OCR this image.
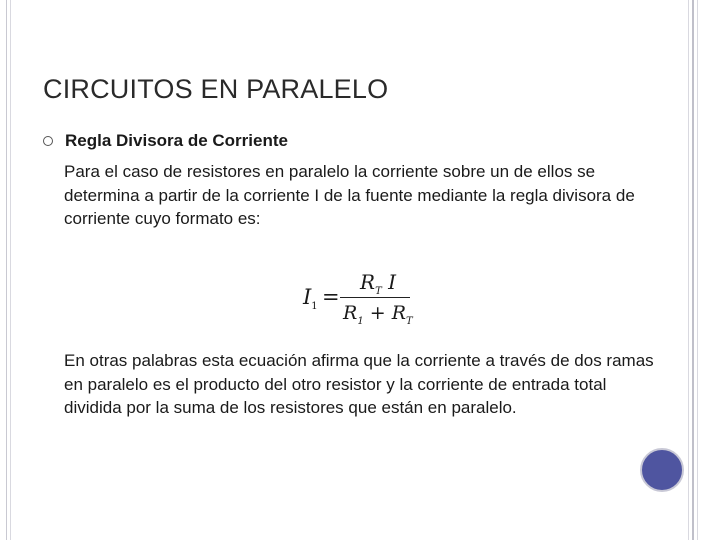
CIRCUITOS EN PARALELO
Regla Divisora de Corriente

Para el caso de resistores en paralelo la corriente sobre un de ellos se determina a partir de la corriente I de la fuente mediante la regla divisora de corriente cuyo formato es:

$I_1$ =
$R_T$ I
$R_1 + R_T$

En otras palabras esta ecuación afirma que la corriente a través de dos ramas en paralelo es el producto del otro resistor y la corriente de entrada total dividida por la suma de los resistores que están en paralelo.
